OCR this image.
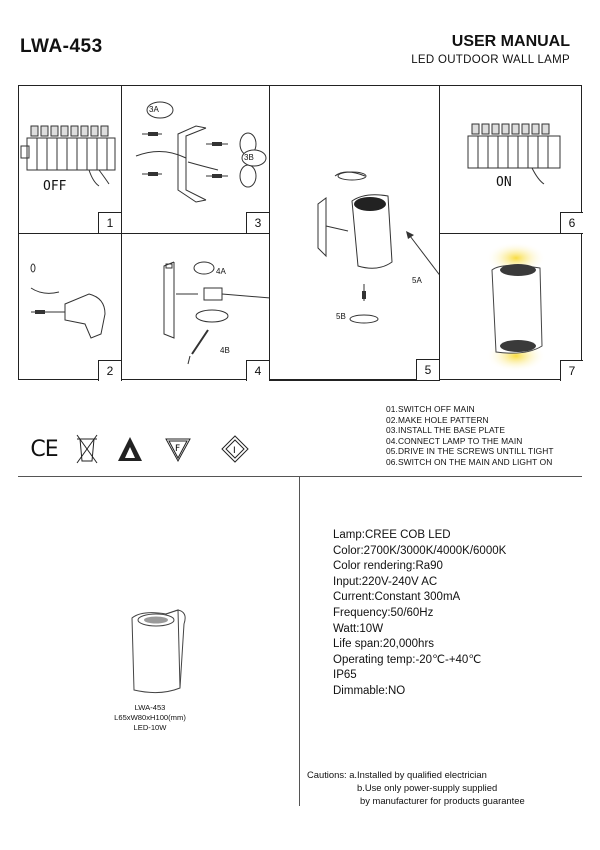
LWA-453	USER MANUAL
LED OUTDOOR WALL LAMP
OFF
1
3A
3B
3
5A
5B
5
ON
6
2
4A
4B
4	7
01.SWITCH OFF MAIN
02.MAKE HOLE PATTERN
03.INSTALL THE BASE PLATE
04.CONNECT LAMP TO THE MAIN
05.DRIVE IN THE SCREWS UNTILL TIGHT
06.SWITCH ON THE MAIN AND LIGHT ON
CE	F	I
LWA-453
L65xW80xH100(mm)
LED-10W
Lamp:CREE COB LED
Color:2700K/3000K/4000K/6000K
Color rendering:Ra90
Input:220V-240V AC
Current:Constant 300mA
Frequency:50/60Hz
Watt:10W
Life span:20,000hrs
Operating temp:-20℃-+40℃
IP65
Dimmable:NO
Cautions: a.Installed by qualified electrician
b.Use only power-supply supplied
by manufacturer for products guarantee
